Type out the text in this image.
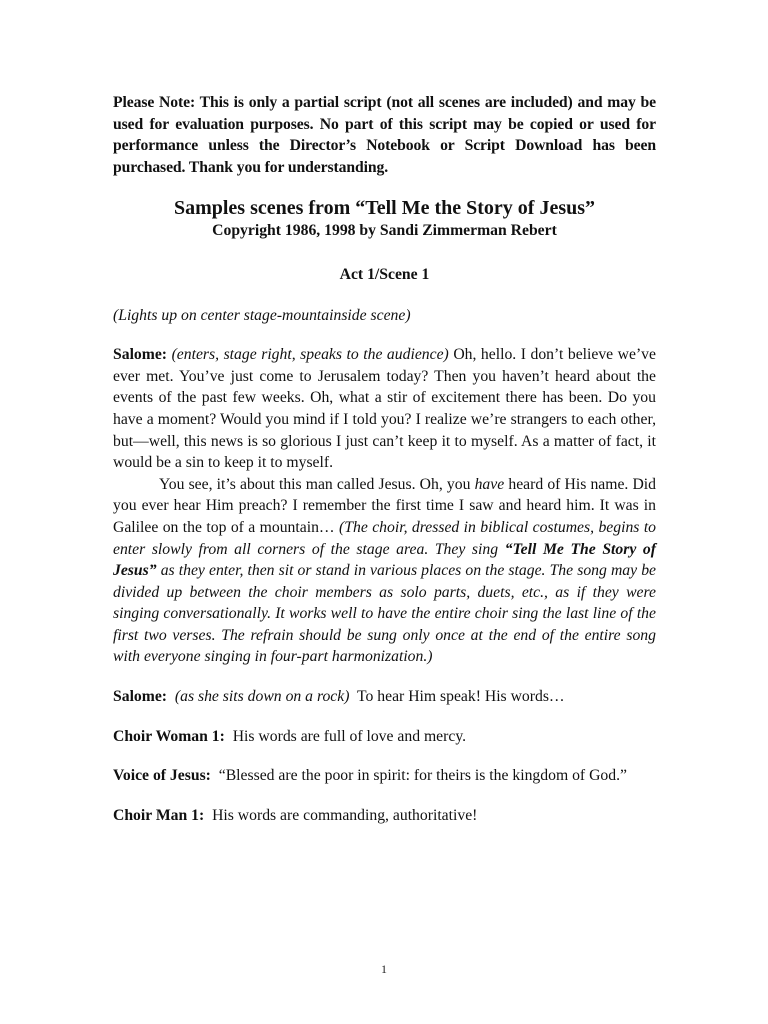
Please Note: This is only a partial script (not all scenes are included) and may be used for evaluation purposes. No part of this script may be copied or used for performance unless the Director’s Notebook or Script Download has been purchased. Thank you for understanding.

Samples scenes from “Tell Me the Story of Jesus”

Copyright 1986, 1998 by Sandi Zimmerman Rebert

Act 1/Scene 1

(Lights up on center stage-mountainside scene)

Salome: (enters, stage right, speaks to the audience) Oh, hello. I don’t believe we’ve ever met. You’ve just come to Jerusalem today? Then you haven’t heard about the events of the past few weeks. Oh, what a stir of excitement there has been. Do you have a moment? Would you mind if I told you? I realize we’re strangers to each other, but—well, this news is so glorious I just can’t keep it to myself. As a matter of fact, it would be a sin to keep it to myself.

You see, it’s about this man called Jesus. Oh, you have heard of His name. Did you ever hear Him preach? I remember the first time I saw and heard him. It was in Galilee on the top of a mountain… (The choir, dressed in biblical costumes, begins to enter slowly from all corners of the stage area. They sing “Tell Me The Story of Jesus” as they enter, then sit or stand in various places on the stage. The song may be divided up between the choir members as solo parts, duets, etc., as if they were singing conversationally. It works well to have the entire choir sing the last line of the first two verses. The refrain should be sung only once at the end of the entire song with everyone singing in four-part harmonization.)

Salome: (as she sits down on a rock) To hear Him speak! His words…

Choir Woman 1: His words are full of love and mercy.

Voice of Jesus: “Blessed are the poor in spirit: for theirs is the kingdom of God.”

Choir Man 1: His words are commanding, authoritative!

1
